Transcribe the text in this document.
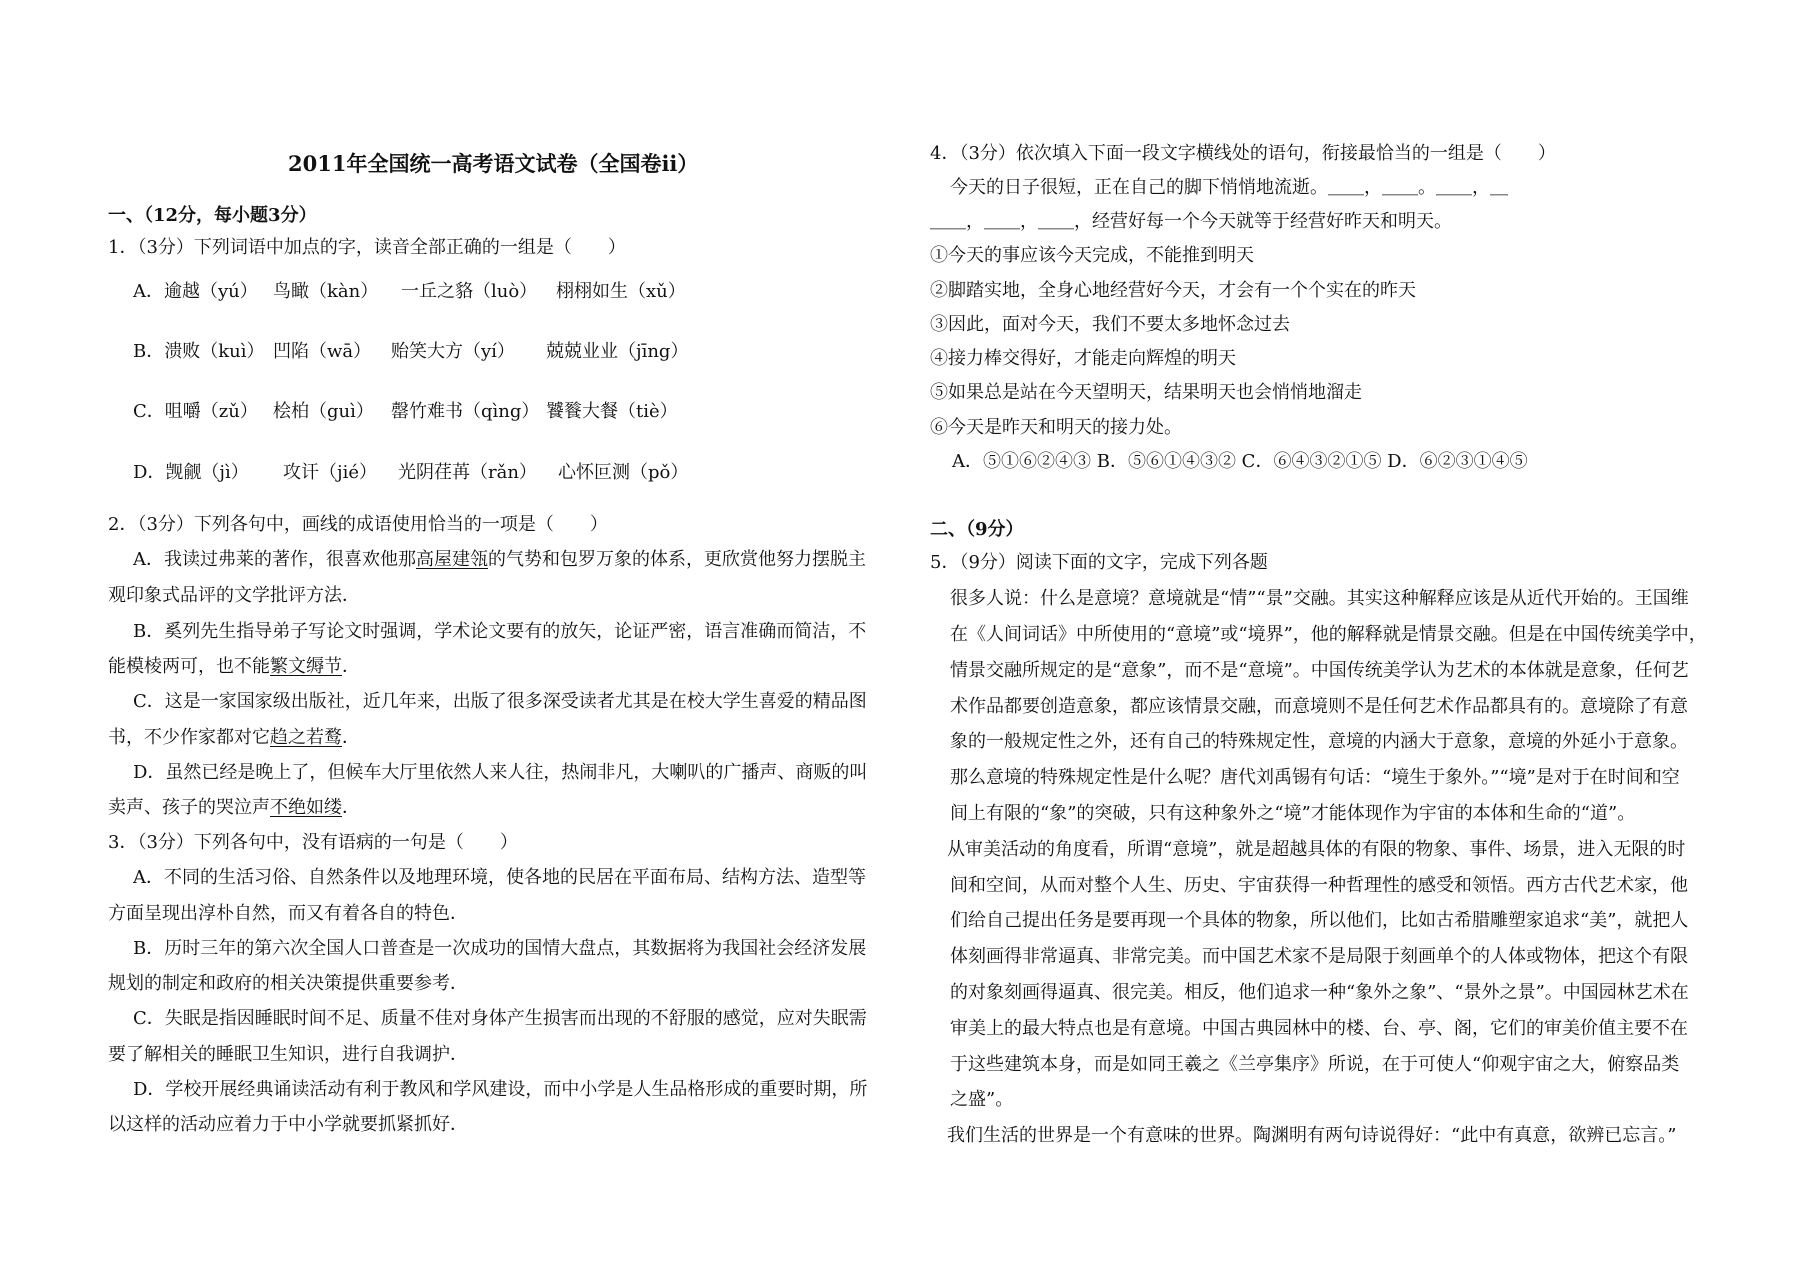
2011年全国统一高考语文试卷（全国卷ii）
一、（12分，每小题3分）
1．（3分）下列词语中加点的字，读音全部正确的一组是（　　）
A．逾越（yú） 鸟瞰（kàn）	一丘之貉（luò）	栩栩如生（xǔ）
B．溃败（kuì） 凹陷（wā）	贻笑大方（yí）	兢兢业业（jīng）
C．咀嚼（zǔ） 桧柏（guì） 罄竹难书（qìng） 饕餮大餐（tiè）
D．觊觎（jì）	攻讦（jié）	光阴荏苒（rǎn）	心怀叵测（pǒ）
2．（3分）下列各句中，画线的成语使用恰当的一项是（　　）
A．我读过弗莱的著作，很喜欢他那高屋建瓴的气势和包罗万象的体系，更欣赏他努力摆脱主
观印象式品评的文学批评方法．
B．奚列先生指导弟子写论文时强调，学术论文要有的放矢，论证严密，语言准确而简洁，不
能模棱两可，也不能繁文缛节．
C．这是一家国家级出版社，近几年来，出版了很多深受读者尤其是在校大学生喜爱的精品图
书，不少作家都对它趋之若鹜．
D．虽然已经是晚上了，但候车大厅里依然人来人往，热闹非凡，大喇叭的广播声、商贩的叫
卖声、孩子的哭泣声不绝如缕．
3．（3分）下列各句中，没有语病的一句是（　　）
A．不同的生活习俗、自然条件以及地理环境，使各地的民居在平面布局、结构方法、造型等
方面呈现出淳朴自然，而又有着各自的特色．
B．历时三年的第六次全国人口普查是一次成功的国情大盘点，其数据将为我国社会经济发展
规划的制定和政府的相关决策提供重要参考．
C．失眠是指因睡眠时间不足、质量不佳对身体产生损害而出现的不舒服的感觉，应对失眠需
要了解相关的睡眠卫生知识，进行自我调护．
D．学校开展经典诵读活动有利于教风和学风建设，而中小学是人生品格形成的重要时期，所
以这样的活动应着力于中小学就要抓紧抓好．
4．（3分）依次填入下面一段文字横线处的语句，衔接最恰当的一组是（　　）
今天的日子很短，正在自己的脚下悄悄地流逝。＿＿，＿＿。＿＿，＿
＿＿，＿＿，＿＿，经营好每一个今天就等于经营好昨天和明天。
①今天的事应该今天完成，不能推到明天
②脚踏实地，全身心地经营好今天，才会有一个个实在的昨天
③因此，面对今天，我们不要太多地怀念过去
④接力棒交得好，才能走向辉煌的明天
⑤如果总是站在今天望明天，结果明天也会悄悄地溜走
⑥今天是昨天和明天的接力处。
A．⑤①⑥②④③ B．⑤⑥①④③② C．⑥④③②①⑤ D．⑥②③①④⑤
二、（9分）
5．（9分）阅读下面的文字，完成下列各题
很多人说：什么是意境？意境就是“情”“景”交融。其实这种解释应该是从近代开始的。王国维
在《人间词话》中所使用的“意境”或“境界”，他的解释就是情景交融。但是在中国传统美学中，
情景交融所规定的是“意象”，而不是“意境”。中国传统美学认为艺术的本体就是意象，任何艺
术作品都要创造意象，都应该情景交融，而意境则不是任何艺术作品都具有的。意境除了有意
象的一般规定性之外，还有自己的特殊规定性，意境的内涵大于意象，意境的外延小于意象。
那么意境的特殊规定性是什么呢？唐代刘禹锡有句话：“境生于象外。”“境”是对于在时间和空
间上有限的“象”的突破，只有这种象外之“境”才能体现作为宇宙的本体和生命的“道”。
从审美活动的角度看，所谓“意境”，就是超越具体的有限的物象、事件、场景，进入无限的时
间和空间，从而对整个人生、历史、宇宙获得一种哲理性的感受和领悟。西方古代艺术家，他
们给自己提出任务是要再现一个具体的物象，所以他们，比如古希腊雕塑家追求“美”，就把人
体刻画得非常逼真、非常完美。而中国艺术家不是局限于刻画单个的人体或物体，把这个有限
的对象刻画得逼真、很完美。相反，他们追求一种“象外之象”、“景外之景”。中国园林艺术在
审美上的最大特点也是有意境。中国古典园林中的楼、台、亭、阁，它们的审美价值主要不在
于这些建筑本身，而是如同王羲之《兰亭集序》所说，在于可使人“仰观宇宙之大，俯察品类
之盛”。
我们生活的世界是一个有意味的世界。陶渊明有两句诗说得好：“此中有真意，欲辨已忘言。”
